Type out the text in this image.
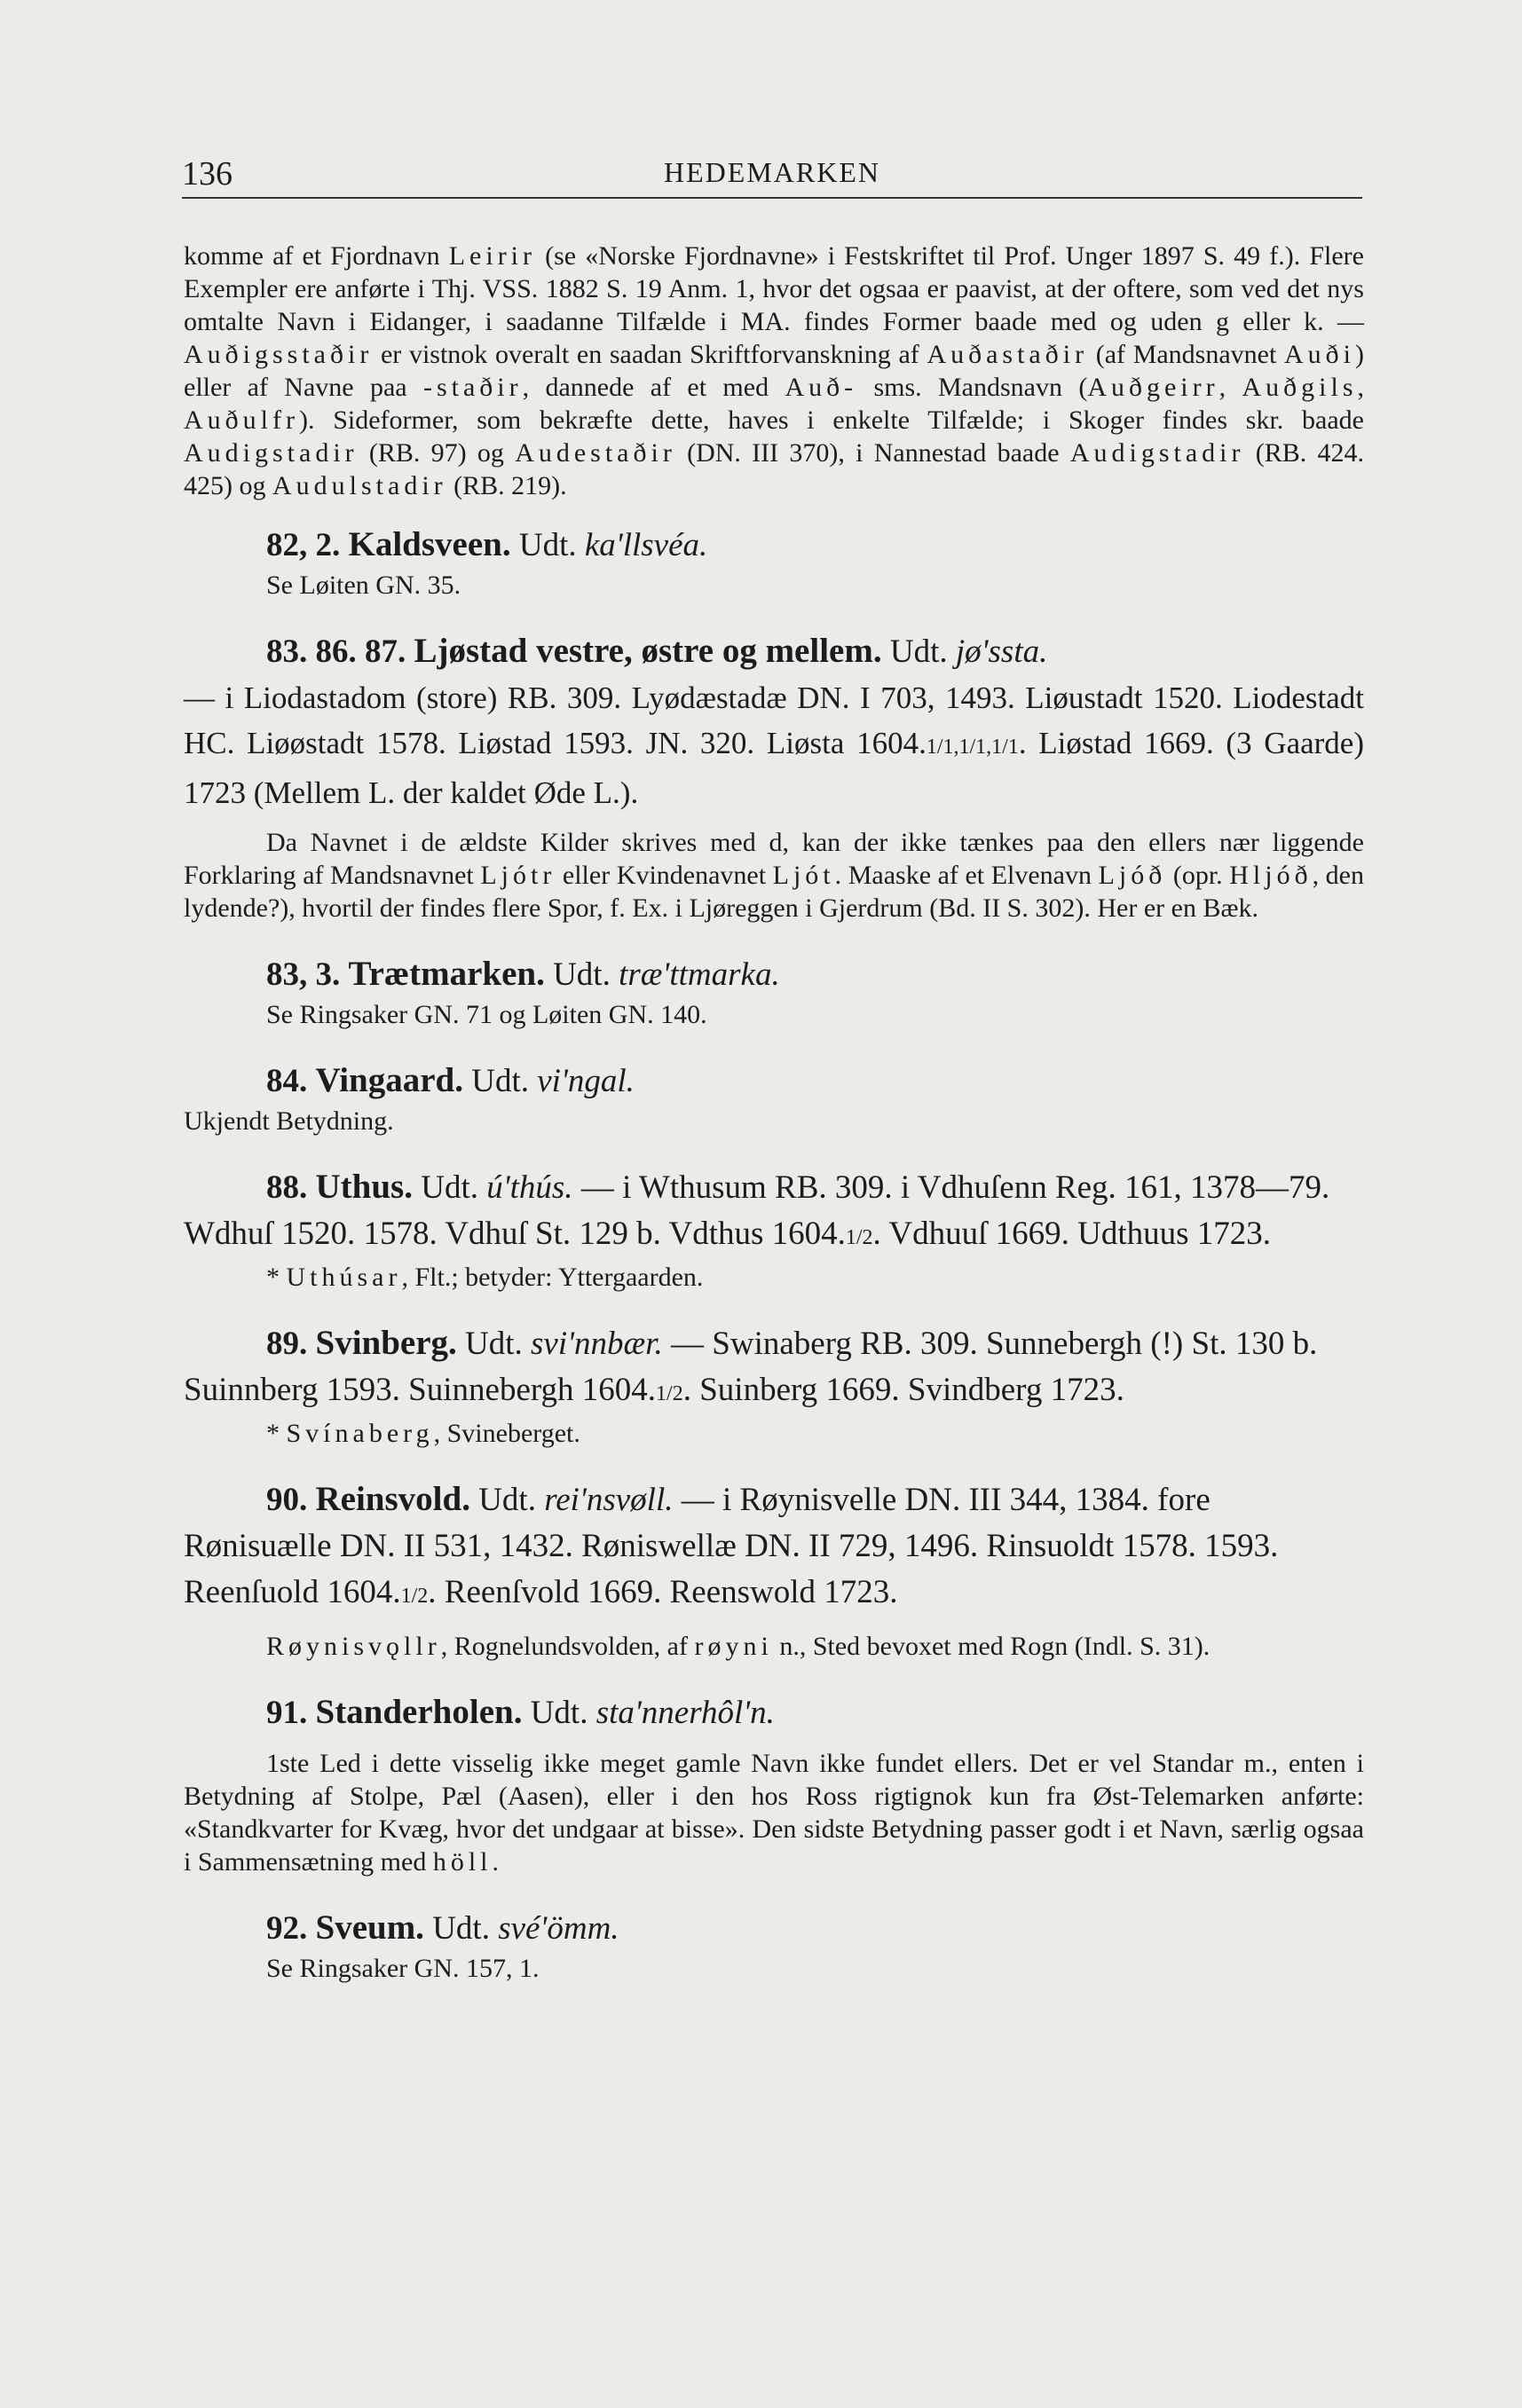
136	HEDEMARKEN

komme af et Fjordnavn Leirir (se «Norske Fjordnavne» i Festskriftet til Prof. Unger 1897 S. 49 f.). Flere Exempler ere anførte i Thj. VSS. 1882 S. 19 Anm. 1, hvor det ogsaa er paavist, at der oftere, som ved det nys omtalte Navn i Eidanger, i saadanne Tilfælde i MA. findes Former baade med og uden g eller k. — Auðigsstaðir er vistnok overalt en saadan Skriftforvanskning af Auðastaðir (af Mandsnavnet Auði) eller af Navne paa -staðir, dannede af et med Auð- sms. Mandsnavn (Auðgeirr, Auðgils, Auðulfr). Sideformer, som bekræfte dette, haves i enkelte Tilfælde; i Skoger findes skr. baade Audigstadir (RB. 97) og Audestaðir (DN. III 370), i Nannestad baade Audigstadir (RB. 424. 425) og Audulstadir (RB. 219).

82, 2. Kaldsveen. Udt. ka'llsvéa.

Se Løiten GN. 35.

83. 86. 87. Ljøstad vestre, østre og mellem. Udt. jø'ssta.

— i Liodastadom (store) RB. 309. Lyødæstadæ DN. I 703, 1493. Liøustadt 1520. Liodestadt HC. Liøøstadt 1578. Liøstad 1593. JN. 320. Liøsta 1604.1/1,1/1,1/1. Liøstad 1669. (3 Gaarde) 1723 (Mellem L. der kaldet Øde L.).

Da Navnet i de ældste Kilder skrives med d, kan der ikke tænkes paa den ellers nær liggende Forklaring af Mandsnavnet Ljótr eller Kvindenavnet Ljót. Maaske af et Elvenavn Ljóð (opr. Hljóð, den lydende?), hvortil der findes flere Spor, f. Ex. i Ljøreggen i Gjerdrum (Bd. II S. 302). Her er en Bæk.

83, 3. Trætmarken. Udt. træ'ttmarka.

Se Ringsaker GN. 71 og Løiten GN. 140.

84. Vingaard. Udt. vi'ngal.

Ukjendt Betydning.

88. Uthus. Udt. ú'thús. — i Wthusum RB. 309. i Vdhuſenn Reg. 161, 1378—79. Wdhuſ 1520. 1578. Vdhuſ St. 129 b. Vdthus 1604.1/2. Vdhuuſ 1669. Udthuus 1723.

* Uthúsar, Flt.; betyder: Yttergaarden.

89. Svinberg. Udt. svi'nnbær. — Swinaberg RB. 309. Sunnebergh (!) St. 130 b. Suinnberg 1593. Suinnebergh 1604.1/2. Suinberg 1669. Svindberg 1723.

* Svínaberg, Svineberget.

90. Reinsvold. Udt. rei'nsvøll. — i Røynisvelle DN. III 344, 1384. fore Rønisuælle DN. II 531, 1432. Røniswellæ DN. II 729, 1496. Rinsuoldt 1578. 1593. Reenſuold 1604.1/2. Reenſvold 1669. Reenswold 1723.

Røynisvǫllr, Rognelundsvolden, af røyni n., Sted bevoxet med Rogn (Indl. S. 31).

91. Standerholen. Udt. sta'nnerhôl'n.

1ste Led i dette visselig ikke meget gamle Navn ikke fundet ellers. Det er vel Standar m., enten i Betydning af Stolpe, Pæl (Aasen), eller i den hos Ross rigtignok kun fra Øst-Telemarken anførte: «Standkvarter for Kvæg, hvor det undgaar at bisse». Den sidste Betydning passer godt i et Navn, særlig ogsaa i Sammensætning med höll.

92. Sveum. Udt. své'ömm.

Se Ringsaker GN. 157, 1.
